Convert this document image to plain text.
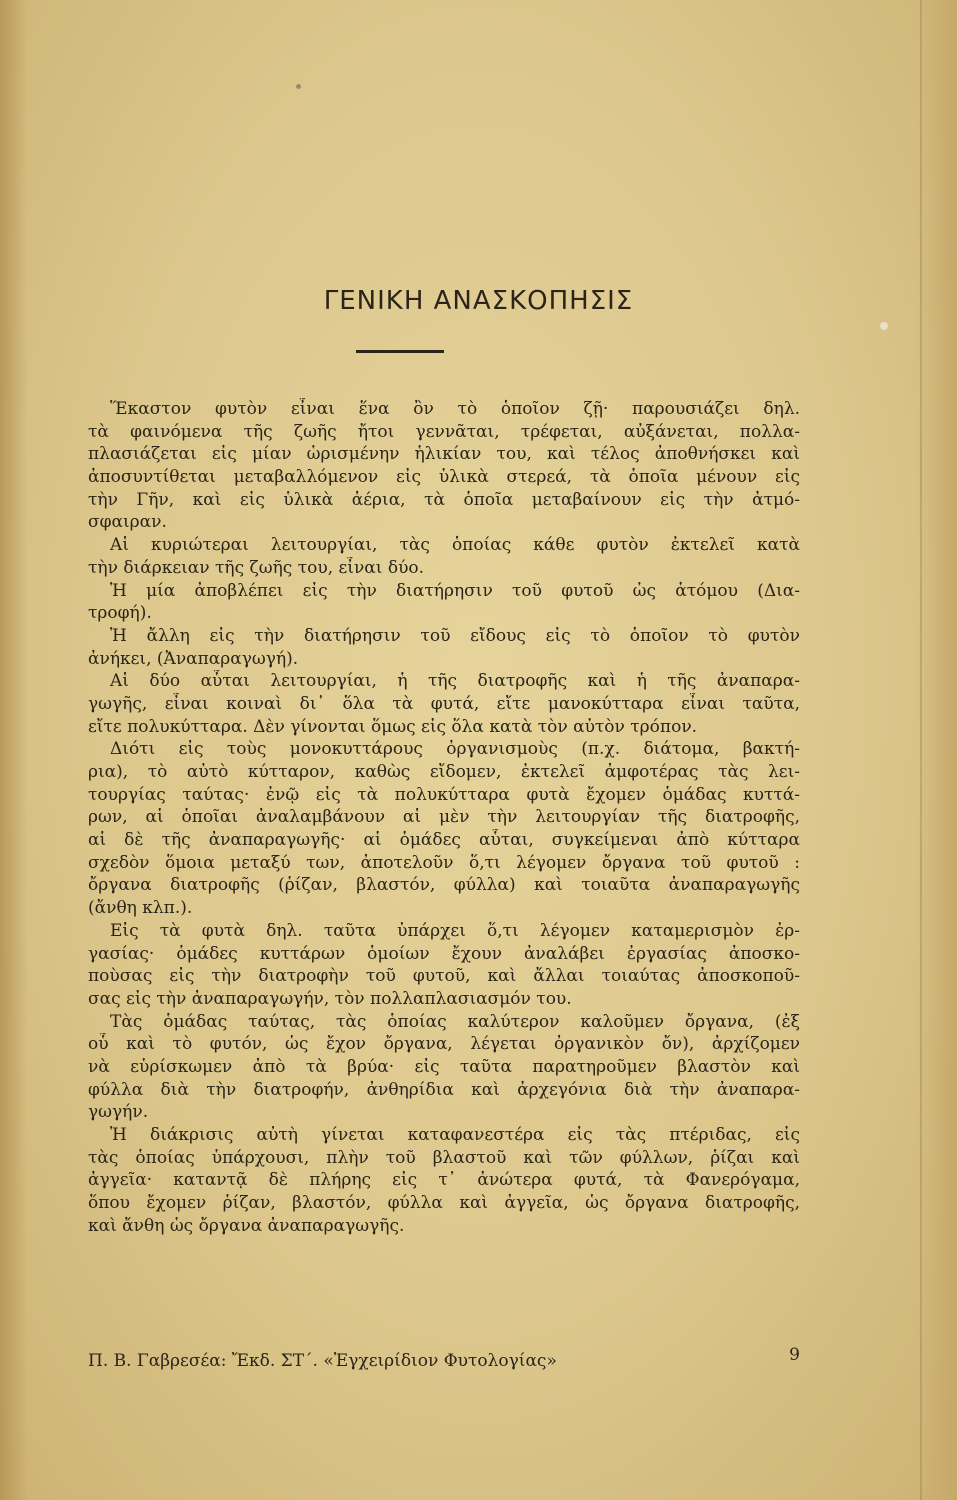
ΓΕΝΙΚΗ ΑΝΑΣΚΟΠΗΣΙΣ
Ἕκαστον φυτὸν εἶναι ἕνα ὂν τὸ ὁποῖον ζῇ· παρουσιάζει δηλ.
τὰ φαινόμενα τῆς ζωῆς ἤτοι γεννᾶται, τρέφεται, αὐξάνεται, πολλα-
πλασιάζεται εἰς μίαν ὡρισμένην ἡλικίαν του, καὶ τέλος ἀποθνήσκει καὶ
ἀποσυντίθεται μεταβαλλόμενον εἰς ὑλικὰ στερεά, τὰ ὁποῖα μένουν εἰς
τὴν Γῆν, καὶ εἰς ὑλικὰ ἀέρια, τὰ ὁποῖα μεταβαίνουν εἰς τὴν ἀτμό-
σφαιραν.
Αἱ κυριώτεραι λειτουργίαι, τὰς ὁποίας κάθε φυτὸν ἐκτελεῖ κατὰ
τὴν διάρκειαν τῆς ζωῆς του, εἶναι δύο.
Ἡ μία ἀποβλέπει εἰς τὴν διατήρησιν τοῦ φυτοῦ ὡς ἀτόμου (Δια-
τροφή).
Ἡ ἄλλη εἰς τὴν διατήρησιν τοῦ εἴδους εἰς τὸ ὁποῖον τὸ φυτὸν
ἀνήκει, (Ἀναπαραγωγή).
Αἱ δύο αὗται λειτουργίαι, ἡ τῆς διατροφῆς καὶ ἡ τῆς ἀναπαρα-
γωγῆς, εἶναι κοιναὶ δι᾿ ὅλα τὰ φυτά, εἴτε μανοκύτταρα εἶναι ταῦτα,
εἴτε πολυκύτταρα. Δὲν γίνονται ὅμως εἰς ὅλα κατὰ τὸν αὐτὸν τρόπον.
Διότι εἰς τοὺς μονοκυττάρους ὀργανισμοὺς (π.χ. διάτομα, βακτή-
ρια), τὸ αὐτὸ κύτταρον, καθὼς εἴδομεν, ἐκτελεῖ ἀμφοτέρας τὰς λει-
τουργίας ταύτας· ἐνῷ εἰς τὰ πολυκύτταρα φυτὰ ἔχομεν ὁμάδας κυττά-
ρων, αἱ ὁποῖαι ἀναλαμβάνουν αἱ μὲν τὴν λειτουργίαν τῆς διατροφῆς,
αἱ δὲ τῆς ἀναπαραγωγῆς· αἱ ὁμάδες αὗται, συγκείμεναι ἀπὸ κύτταρα
σχεδὸν ὅμοια μεταξύ των, ἀποτελοῦν ὅ,τι λέγομεν ὄργανα τοῦ φυτοῦ :
ὄργανα διατροφῆς (ῥίζαν, βλαστόν, φύλλα) καὶ τοιαῦτα ἀναπαραγωγῆς
(ἄνθη κλπ.).
Εἰς τὰ φυτὰ δηλ. ταῦτα ὑπάρχει ὅ,τι λέγομεν καταμερισμὸν ἐρ-
γασίας· ὁμάδες κυττάρων ὁμοίων ἔχουν ἀναλάβει ἐργασίας ἀποσκο-
ποὺσας εἰς τὴν διατροφὴν τοῦ φυτοῦ, καὶ ἄλλαι τοιαύτας ἀποσκοποῦ-
σας εἰς τὴν ἀναπαραγωγήν, τὸν πολλαπλασιασμόν του.
Τὰς ὁμάδας ταύτας, τὰς ὁποίας καλύτερον καλοῦμεν ὄργανα, (ἐξ
οὗ καὶ τὸ φυτόν, ὡς ἔχον ὄργανα, λέγεται ὀργανικὸν ὄν), ἀρχίζομεν
νὰ εὑρίσκωμεν ἀπὸ τὰ βρύα· εἰς ταῦτα παρατηροῦμεν βλαστὸν καὶ
φύλλα διὰ τὴν διατροφήν, ἀνθηρίδια καὶ ἀρχεγόνια διὰ τὴν ἀναπαρα-
γωγήν.
Ἡ διάκρισις αὐτὴ γίνεται καταφανεστέρα εἰς τὰς πτέριδας, εἰς
τὰς ὁποίας ὑπάρχουσι, πλὴν τοῦ βλαστοῦ καὶ τῶν φύλλων, ῥίζαι καὶ
ἀγγεῖα· καταντᾷ δὲ πλήρης εἰς τ᾿ ἀνώτερα φυτά, τὰ Φανερόγαμα,
ὅπου ἔχομεν ῥίζαν, βλαστόν, φύλλα καὶ ἀγγεῖα, ὡς ὄργανα διατροφῆς,
καὶ ἄνθη ὡς ὄργανα ἀναπαραγωγῆς.
Π. Β. Γαβρεσέα: Ἔκδ. ΣΤ΄. «Ἐγχειρίδιον Φυτολογίας»	9
